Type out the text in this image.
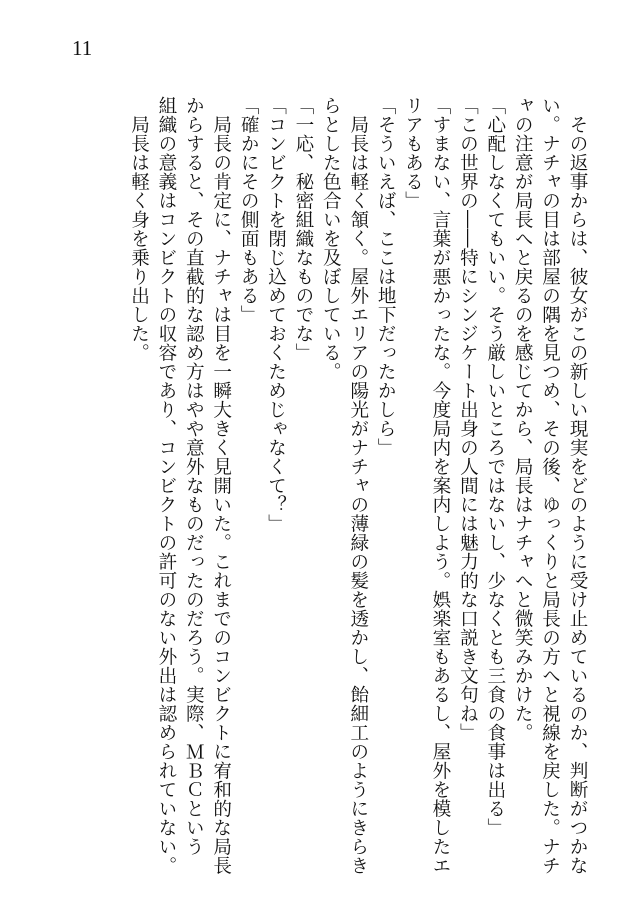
11

　その返事からは、彼女がこの新しい現実をどのように受け止めているのか、判断がつかな

い。ナチャの目は部屋の隅を見つめ、その後、ゆっくりと局長の方へと視線を戻した。ナチ

ャの注意が局長へと戻るのを感じてから、局長はナチャへと微笑みかけた。

「心配しなくてもいい。そう厳しいところではないし、少なくとも三食の食事は出る」

「この世界の――特にシンジケート出身の人間には魅力的な口説き文句ね」

「すまない、言葉が悪かったな。今度局内を案内しよう。娯楽室もあるし、屋外を模したエ

リアもある」

「そういえば、ここは地下だったかしら」

　局長は軽く頷く。屋外エリアの陽光がナチャの薄緑の髪を透かし、飴細工のようにきらき

らとした色合いを及ぼしている。

「一応、秘密組織なものでな」

「コンビクトを閉じ込めておくためじゃなくて？」

「確かにその側面もある」

　局長の肯定に、ナチャは目を一瞬大きく見開いた。これまでのコンビクトに宥和的な局長

からすると、その直截的な認め方はやや意外なものだったのだろう。実際、ＭＢＣという

組織の意義はコンビクトの収容であり、コンビクトの許可のない外出は認められていない。

　局長は軽く身を乗り出した。
